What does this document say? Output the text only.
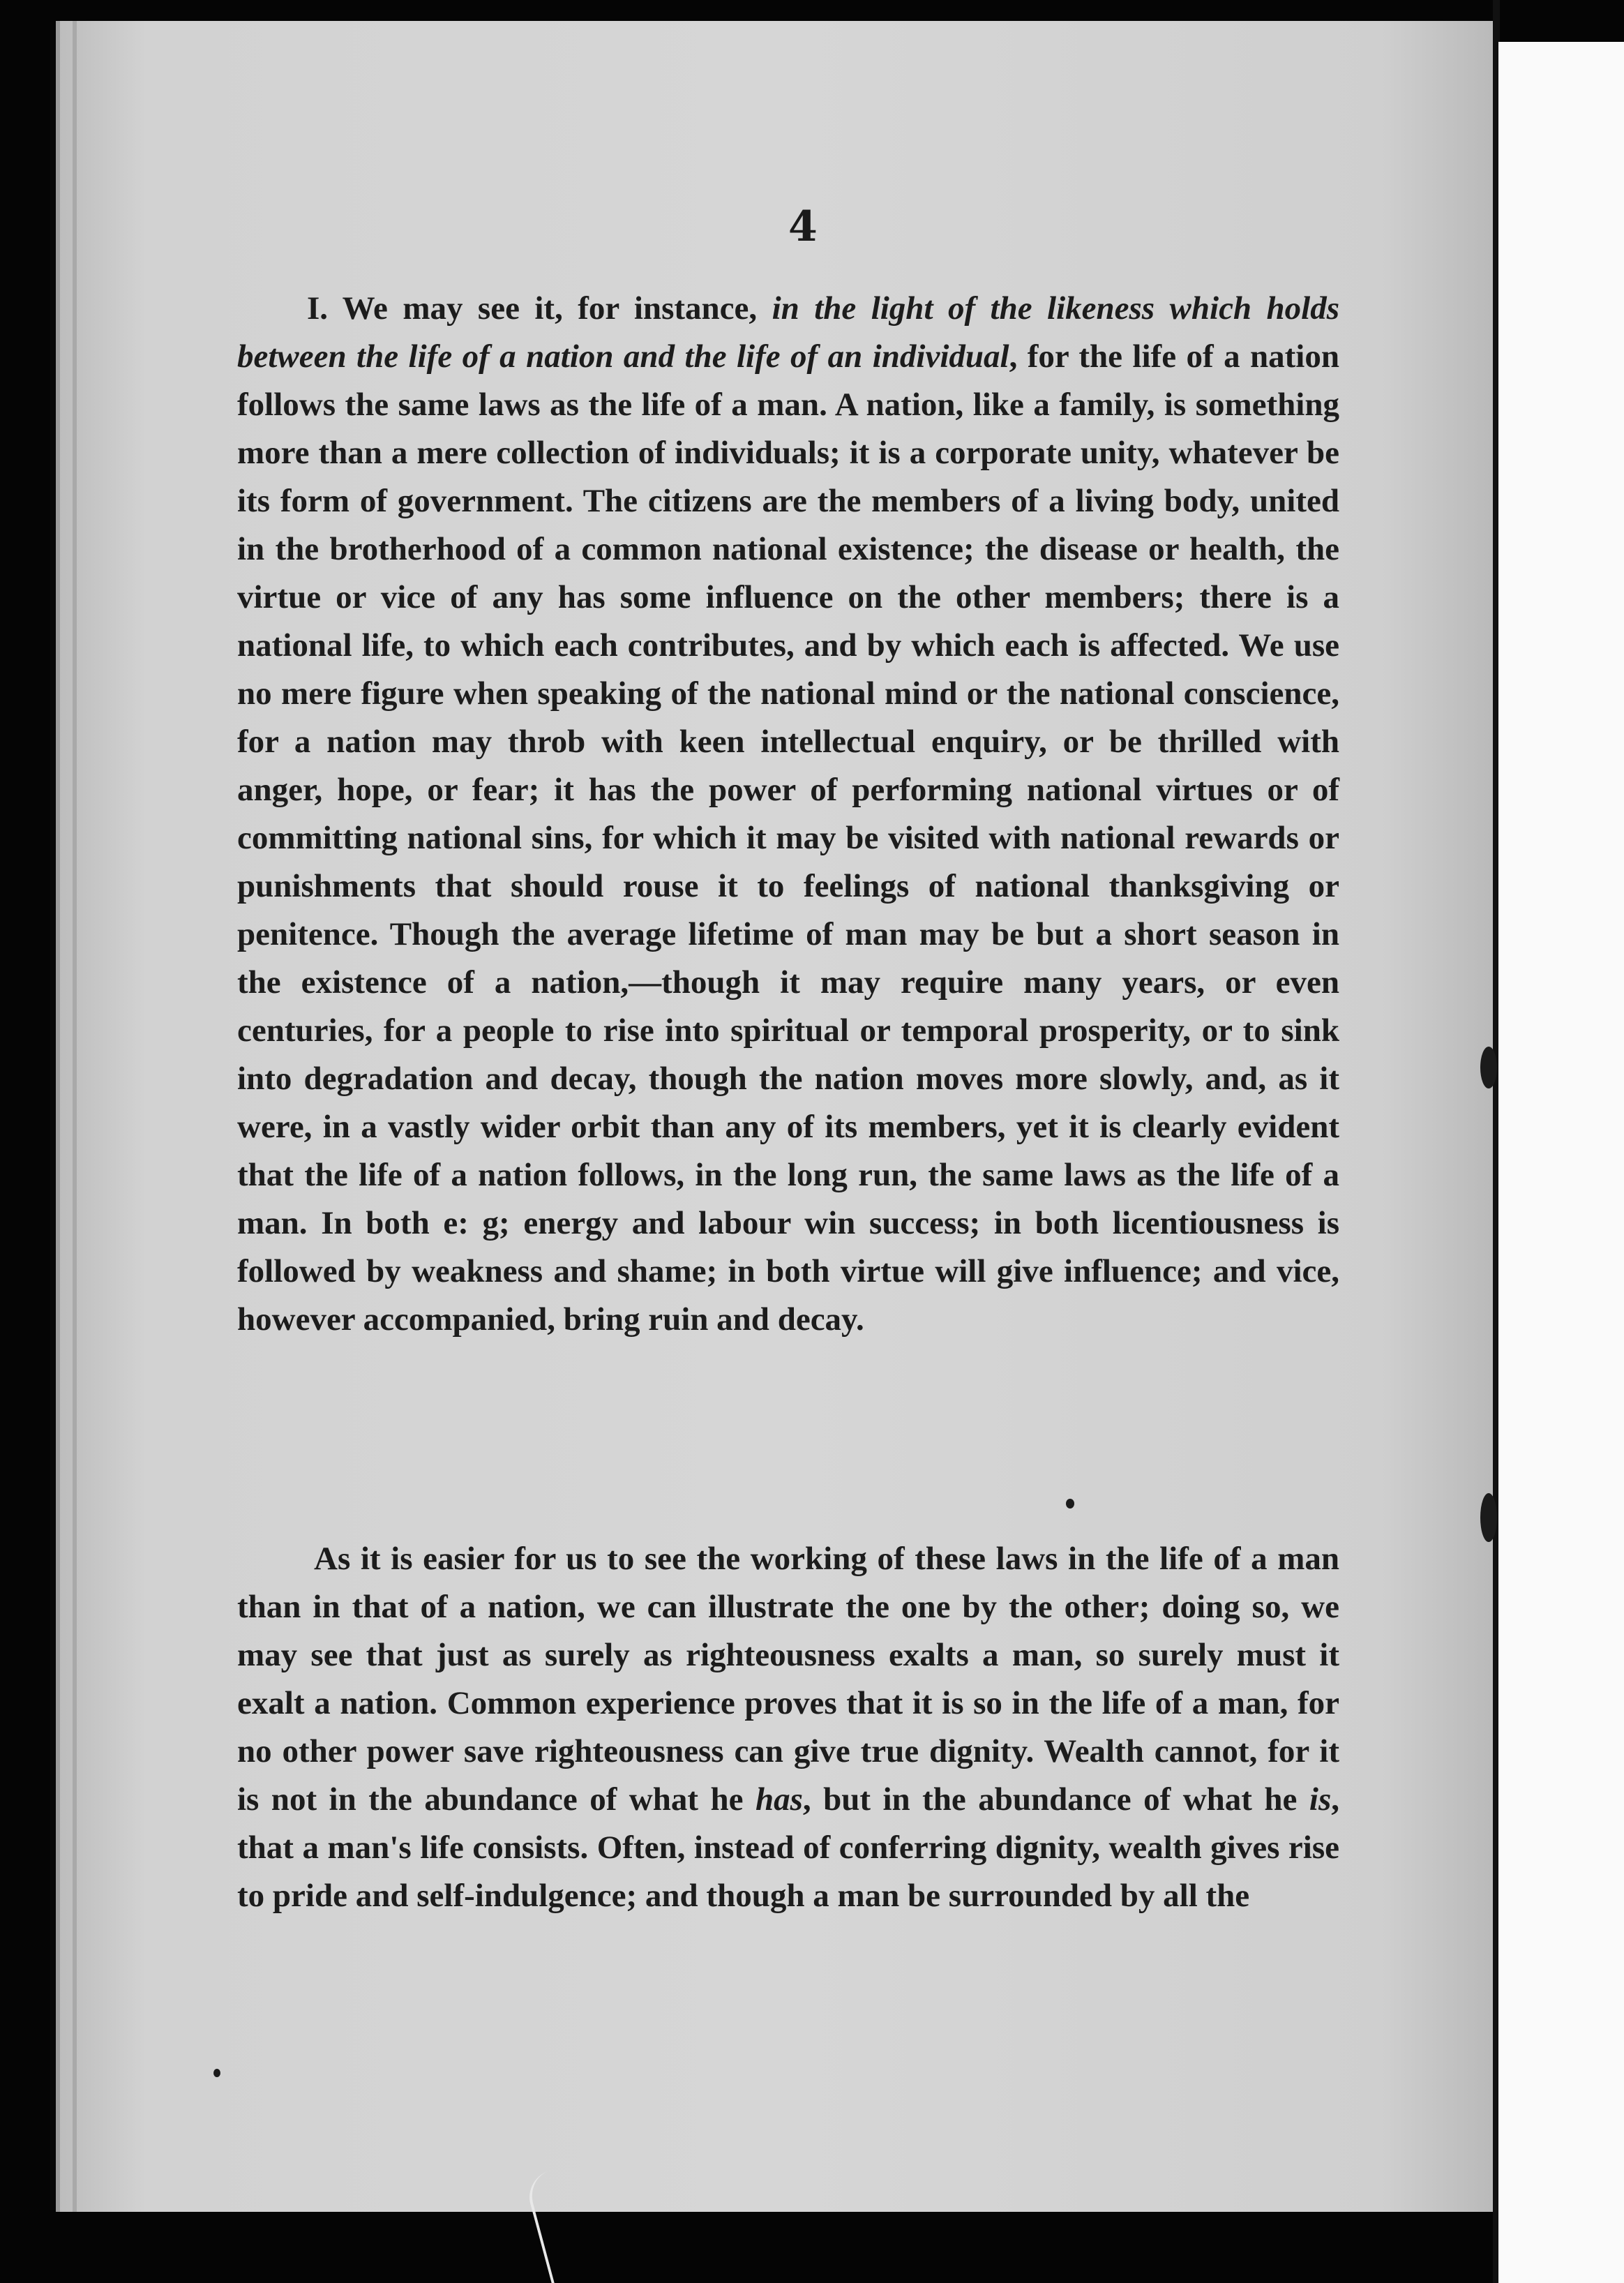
4

I. We may see it, for instance, in the light of the likeness which holds between the life of a nation and the life of an individual, for the life of a nation follows the same laws as the life of a man. A nation, like a family, is something more than a mere collection of individuals; it is a corporate unity, whatever be its form of government. The citizens are the members of a living body, united in the brotherhood of a common national existence; the disease or health, the virtue or vice of any has some influence on the other members; there is a national life, to which each contributes, and by which each is affected. We use no mere figure when speaking of the national mind or the national conscience, for a nation may throb with keen intellectual enquiry, or be thrilled with anger, hope, or fear; it has the power of performing national virtues or of committing national sins, for which it may be visited with national rewards or punishments that should rouse it to feelings of national thanksgiving or penitence. Though the average lifetime of man may be but a short season in the existence of a nation,—though it may require many years, or even centuries, for a people to rise into spiritual or temporal prosperity, or to sink into degradation and decay, though the nation moves more slowly, and, as it were, in a vastly wider orbit than any of its members, yet it is clearly evident that the life of a nation follows, in the long run, the same laws as the life of a man. In both e: g; energy and labour win success; in both licentiousness is followed by weakness and shame; in both virtue will give influence; and vice, however accompanied, bring ruin and decay.

As it is easier for us to see the working of these laws in the life of a man than in that of a nation, we can illustrate the one by the other; doing so, we may see that just as surely as righteousness exalts a man, so surely must it exalt a nation. Common experience proves that it is so in the life of a man, for no other power save righteousness can give true dignity. Wealth cannot, for it is not in the abundance of what he has, but in the abundance of what he is, that a man's life consists. Often, instead of conferring dignity, wealth gives rise to pride and self-indulgence; and though a man be surrounded by all the
